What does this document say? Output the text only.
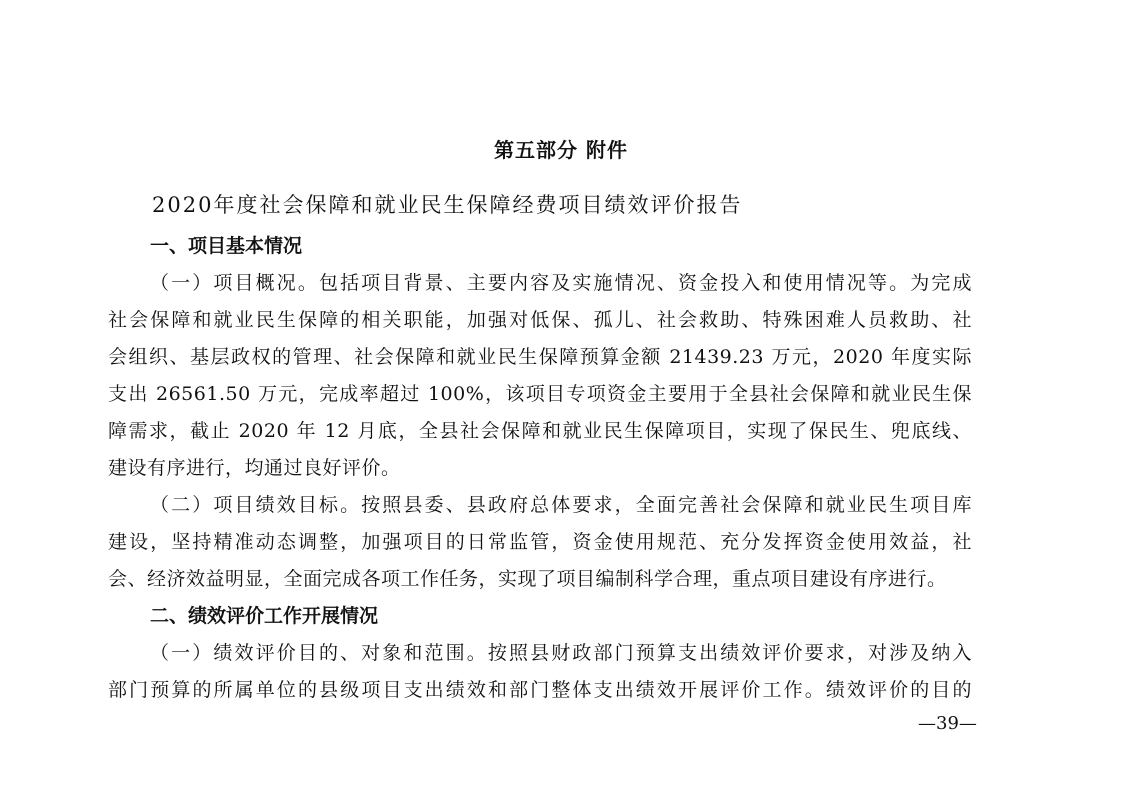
第五部分 附件
2020年度社会保障和就业民生保障经费项目绩效评价报告
一、项目基本情况
（一）项目概况。包括项目背景、主要内容及实施情况、资金投入和使用情况等。为完成
社会保障和就业民生保障的相关职能，加强对低保、孤儿、社会救助、特殊困难人员救助、社
会组织、基层政权的管理、社会保障和就业民生保障预算金额 21439.23 万元，2020 年度实际
支出 26561.50 万元，完成率超过 100%，该项目专项资金主要用于全县社会保障和就业民生保
障需求，截止 2020 年 12 月底，全县社会保障和就业民生保障项目，实现了保民生、兜底线、
建设有序进行，均通过良好评价。
（二）项目绩效目标。按照县委、县政府总体要求，全面完善社会保障和就业民生项目库
建设，坚持精准动态调整，加强项目的日常监管，资金使用规范、充分发挥资金使用效益，社
会、经济效益明显，全面完成各项工作任务，实现了项目编制科学合理，重点项目建设有序进行。
二、绩效评价工作开展情况
（一）绩效评价目的、对象和范围。按照县财政部门预算支出绩效评价要求，对涉及纳入
部门预算的所属单位的县级项目支出绩效和部门整体支出绩效开展评价工作。绩效评价的目的
—39—
